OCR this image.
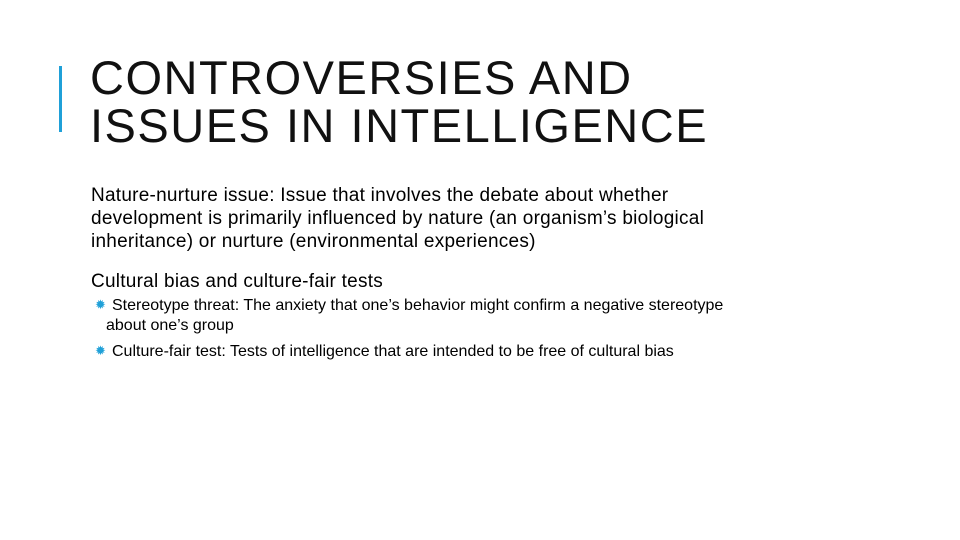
CONTROVERSIES AND
ISSUES IN INTELLIGENCE

Nature-nurture issue: Issue that involves the debate about whether
development is primarily influenced by nature (an organism’s biological
inheritance) or nurture (environmental experiences)

Cultural bias and culture-fair tests

✹ Stereotype threat: The anxiety that one’s behavior might confirm a negative stereotype
about one’s group

✹ Culture-fair test: Tests of intelligence that are intended to be free of cultural bias
